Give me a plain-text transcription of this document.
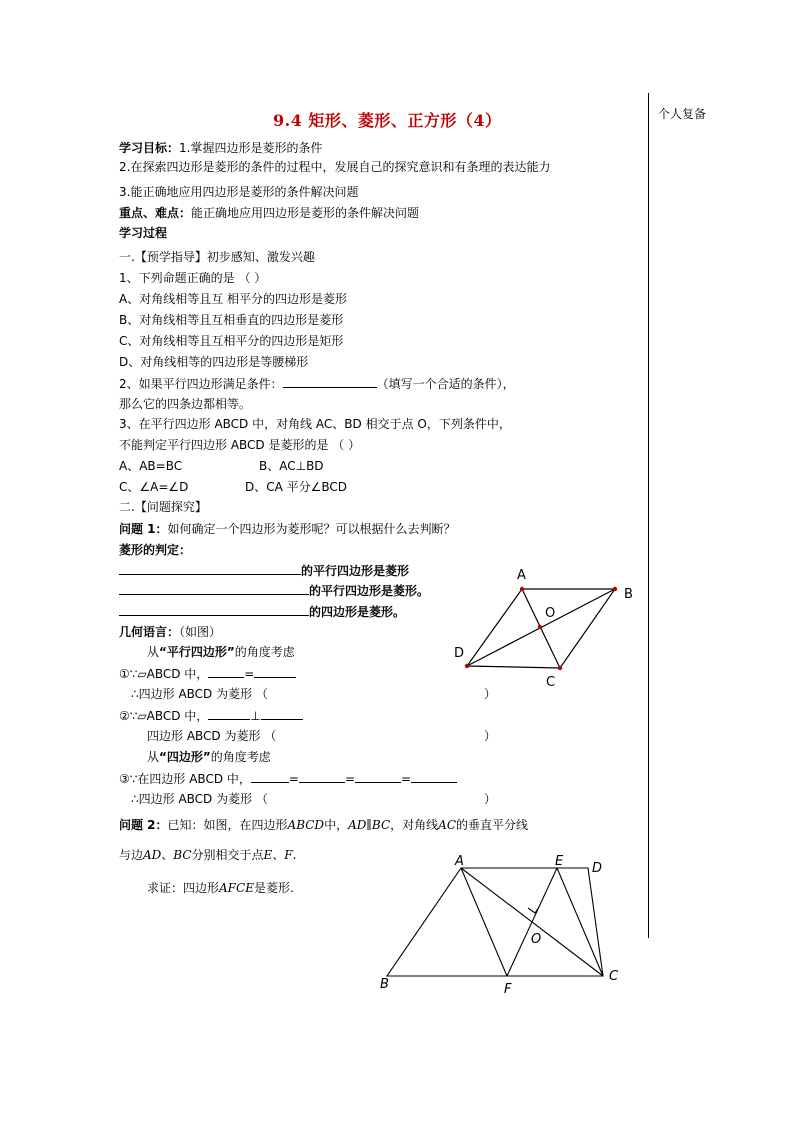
9.4 矩形、菱形、正方形（4）	个人复备
学习目标：1.掌握四边形是菱形的条件
2.在探索四边形是菱形的条件的过程中，发展自己的探究意识和有条理的表达能力
3.能正确地应用四边形是菱形的条件解决问题
重点、难点：能正确地应用四边形是菱形的条件解决问题
学习过程
一.【预学指导】初步感知、激发兴趣
1、下列命题正确的是 （ ）
A、对角线相等且互 相平分的四边形是菱形
B、对角线相等且互相垂直的四边形是菱形
C、对角线相等且互相平分的四边形是矩形
D、对角线相等的四边形是等腰梯形
2、如果平行四边形满足条件：	（填写一个合适的条件），
那么它的四条边都相等。
3、在平行四边形 ABCD 中，对角线 AC、BD 相交于点 O，下列条件中，
不能判定平行四边形 ABCD 是菱形的是 （ ）
A、AB=BC	B、AC⊥BD
C、∠A=∠D	D、CA 平分∠BCD
二.【问题探究】
问题 1：如何确定一个四边形为菱形呢？可以根据什么去判断？
菱形的判定：
的平行四边形是菱形
的平行四边形是菱形。
的四边形是菱形。
几何语言：（如图）
从“平行四边形”的角度考虑
①∵▱ABCD 中，	=
∴四边形 ABCD 为菱形 （	）
②∵▱ABCD 中，	⊥
四边形 ABCD 为菱形 （	）
从“四边形”的角度考虑
③∵在四边形 ABCD 中，	=	=	=
∴四边形 ABCD 为菱形 （	）
问题 2：已知：如图，在四边形ABCD中，AD∥BC，对角线AC的垂直平分线
与边AD、BC分别相交于点E、F.
求证：四边形AFCE是菱形.
A
B
C
D
O
A	E D
C
F
B
O
